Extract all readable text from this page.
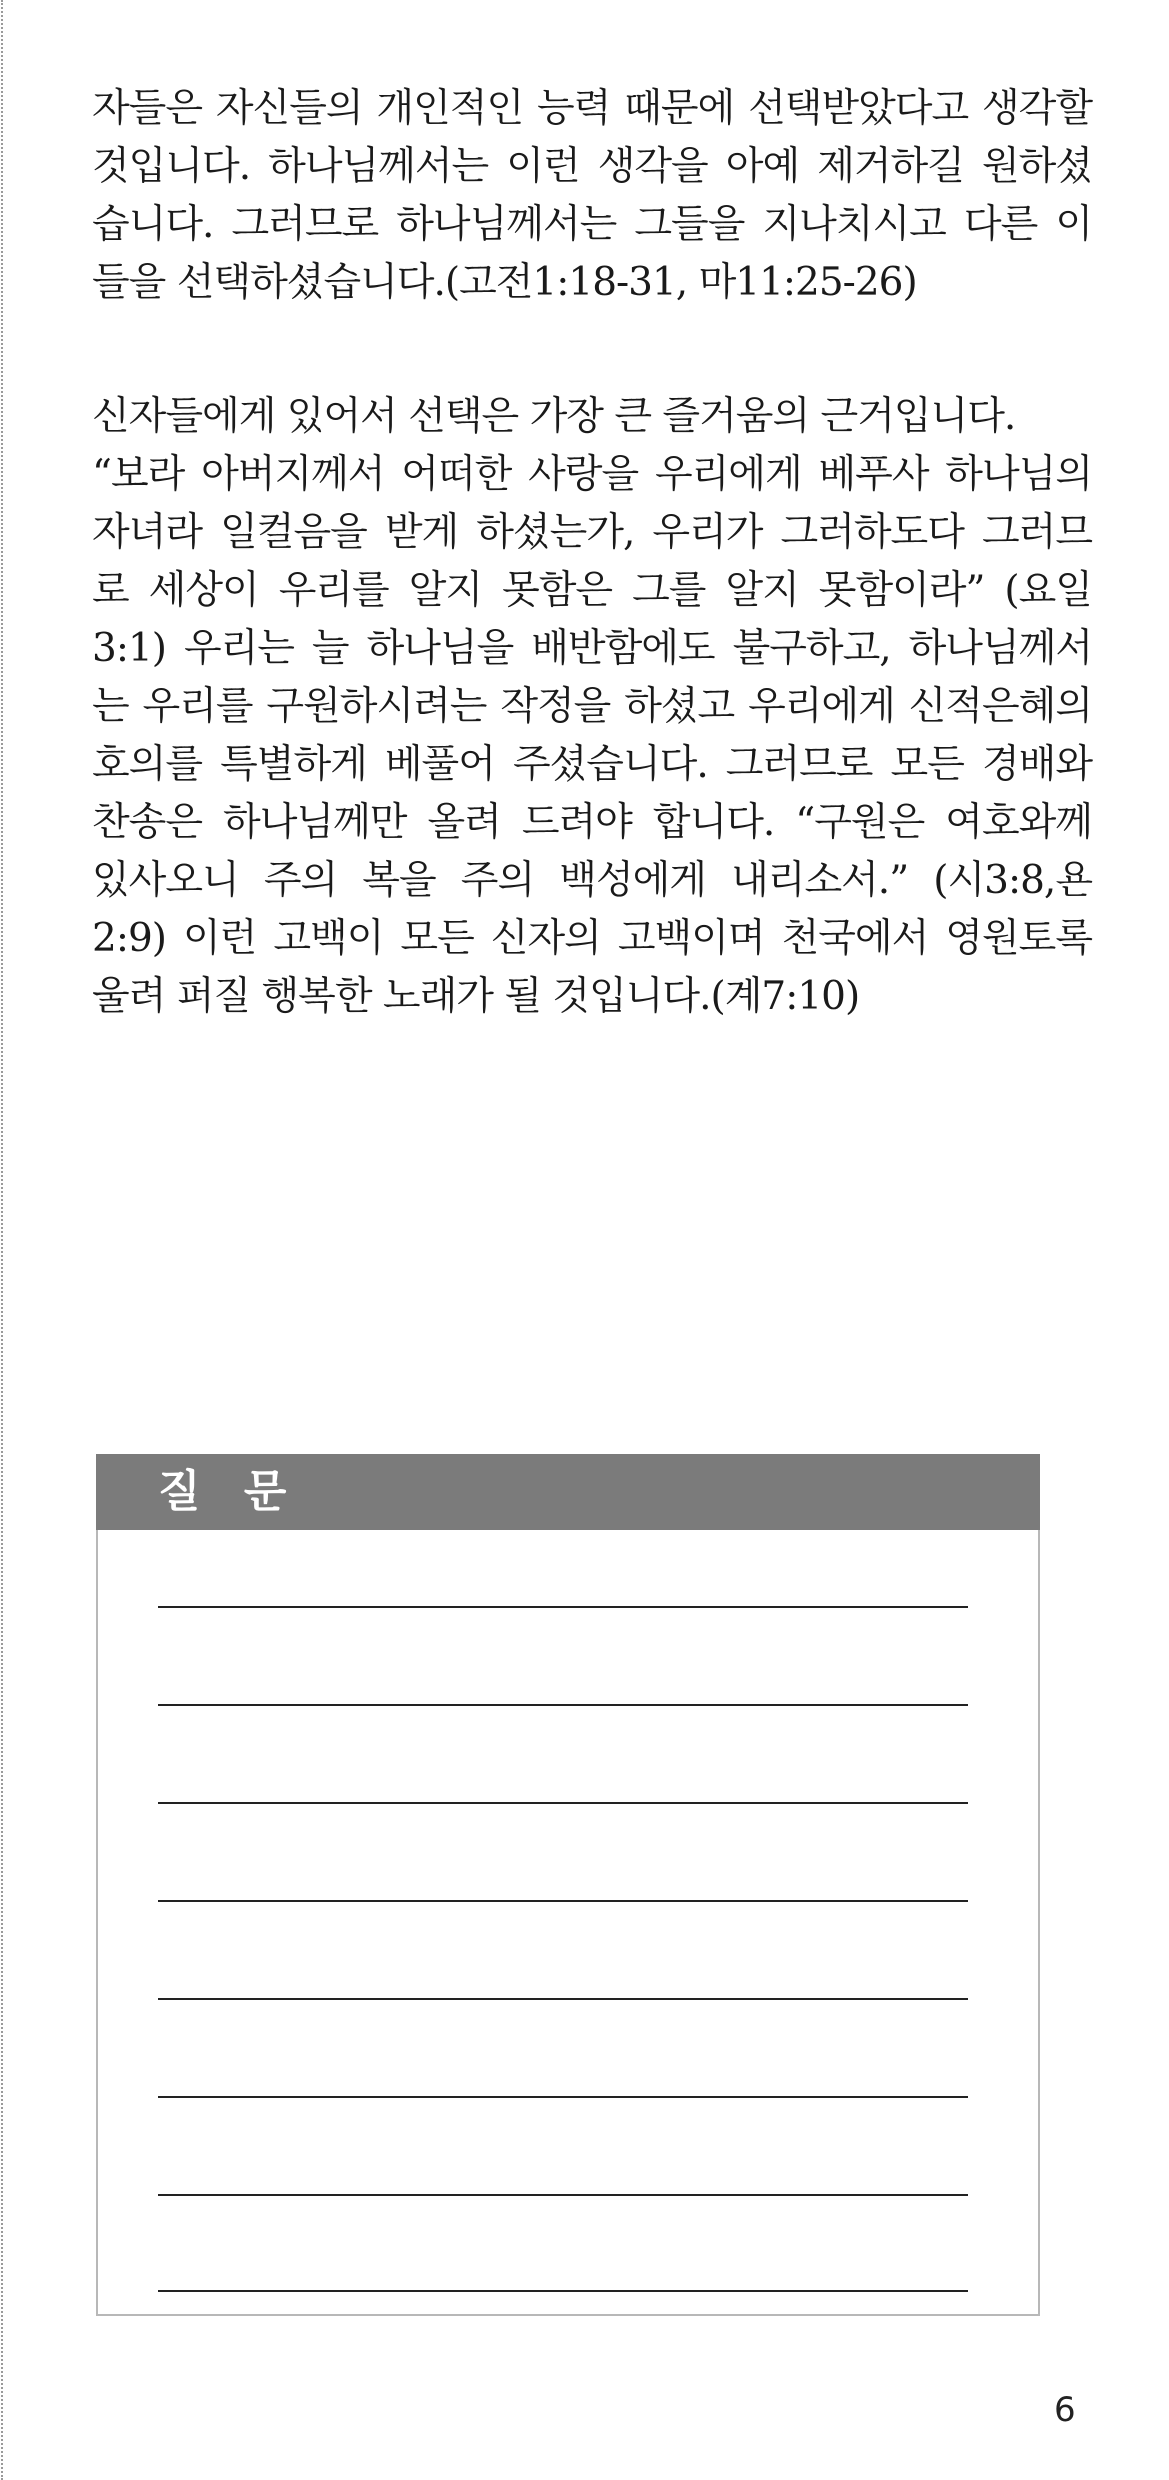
자들은 자신들의 개인적인 능력 때문에 선택받았다고 생각할
것입니다. 하나님께서는 이런 생각을 아예 제거하길 원하셨
습니다. 그러므로 하나님께서는 그들을 지나치시고 다른 이
들을 선택하셨습니다.(고전1:18-31, 마11:25-26)

신자들에게 있어서 선택은 가장 큰 즐거움의 근거입니다.
“보라 아버지께서 어떠한 사랑을 우리에게 베푸사 하나님의
자녀라 일컬음을 받게 하셨는가, 우리가 그러하도다 그러므
로 세상이 우리를 알지 못함은 그를 알지 못함이라” (요일
3:1) 우리는 늘 하나님을 배반함에도 불구하고, 하나님께서
는 우리를 구원하시려는 작정을 하셨고 우리에게 신적은혜의
호의를 특별하게 베풀어 주셨습니다. 그러므로 모든 경배와
찬송은 하나님께만 올려 드려야 합니다. “구원은 여호와께
있사오니 주의 복을 주의 백성에게 내리소서.” (시3:8,욘
2:9) 이런 고백이 모든 신자의 고백이며 천국에서 영원토록
울려 퍼질 행복한 노래가 될 것입니다.(계7:10)

질 문
6
